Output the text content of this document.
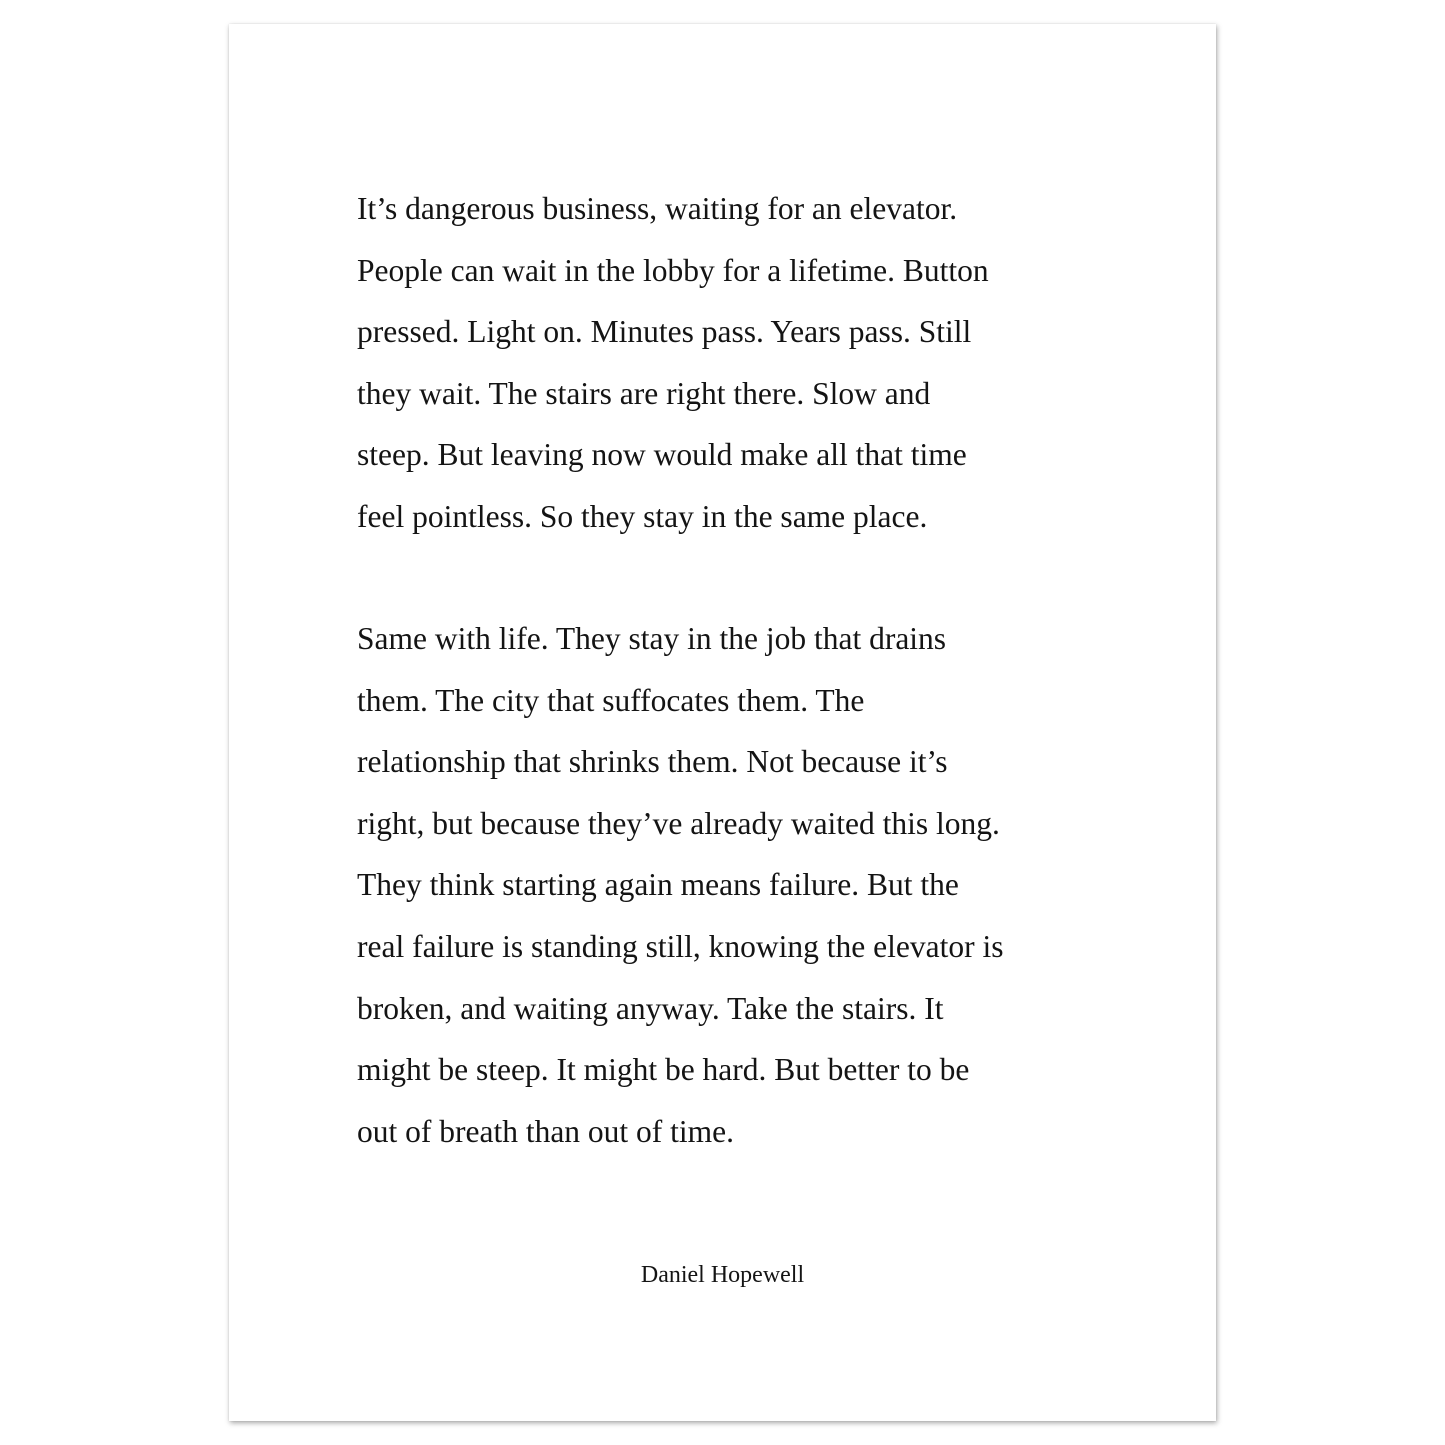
It’s dangerous business, waiting for an elevator.
People can wait in the lobby for a lifetime. Button
pressed. Light on. Minutes pass. Years pass. Still
they wait. The stairs are right there. Slow and
steep. But leaving now would make all that time
feel pointless. So they stay in the same place.

Same with life. They stay in the job that drains
them. The city that suffocates them. The
relationship that shrinks them. Not because it’s
right, but because they’ve already waited this long.
They think starting again means failure. But the
real failure is standing still, knowing the elevator is
broken, and waiting anyway. Take the stairs. It
might be steep. It might be hard. But better to be
out of breath than out of time.

Daniel Hopewell
